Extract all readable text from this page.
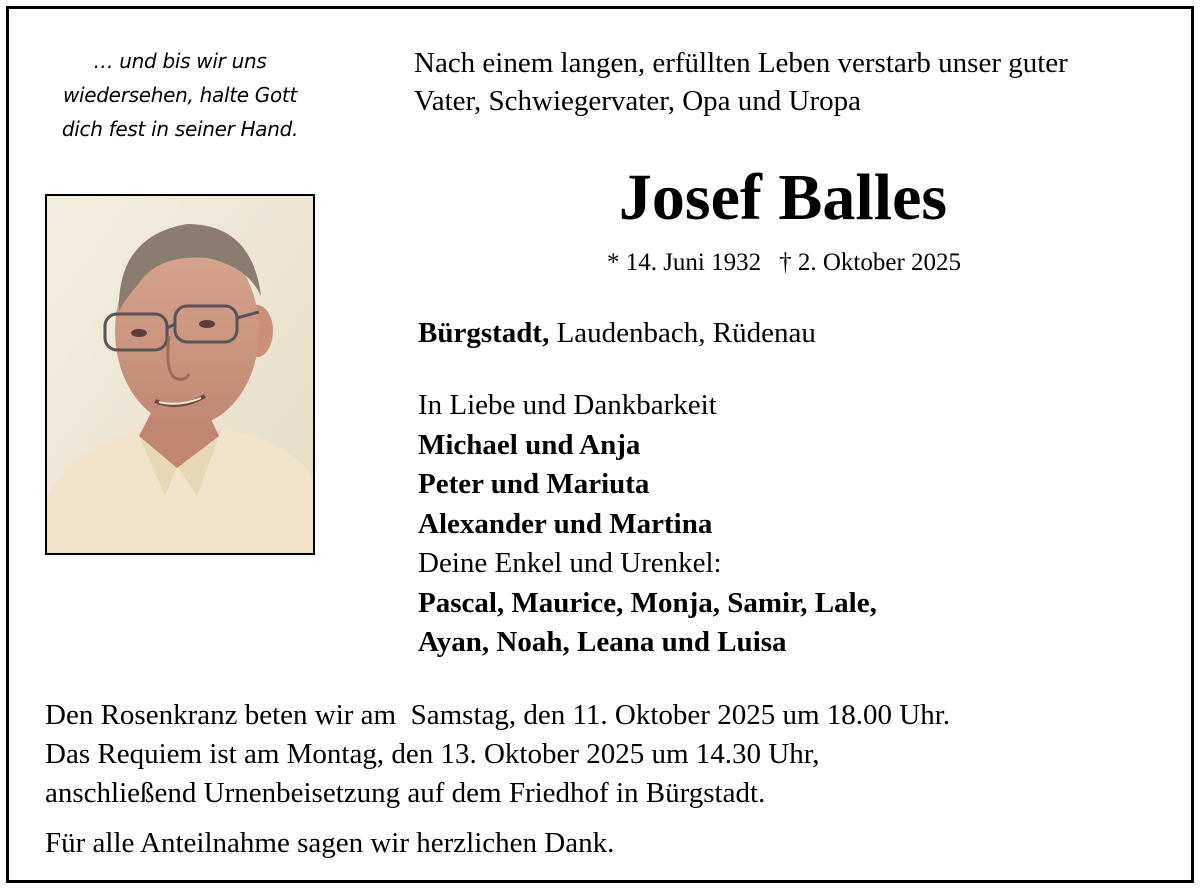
… und bis wir uns
wiedersehen, halte Gott
dich fest in seiner Hand.
Nach einem langen, erfüllten Leben verstarb unser guter
Vater, Schwiegervater, Opa und Uropa
Josef Balles
* 14. Juni 1932 † 2. Oktober 2025
Bürgstadt, Laudenbach, Rüdenau
In Liebe und Dankbarkeit
Michael und Anja
Peter und Mariuta
Alexander und Martina
Deine Enkel und Urenkel:
Pascal, Maurice, Monja, Samir, Lale,
Ayan, Noah, Leana und Luisa
Den Rosenkranz beten wir am  Samstag, den 11. Oktober 2025 um 18.00 Uhr.
Das Requiem ist am Montag, den 13. Oktober 2025 um 14.30 Uhr,
anschließend Urnenbeisetzung auf dem Friedhof in Bürgstadt.
Für alle Anteilnahme sagen wir herzlichen Dank.
